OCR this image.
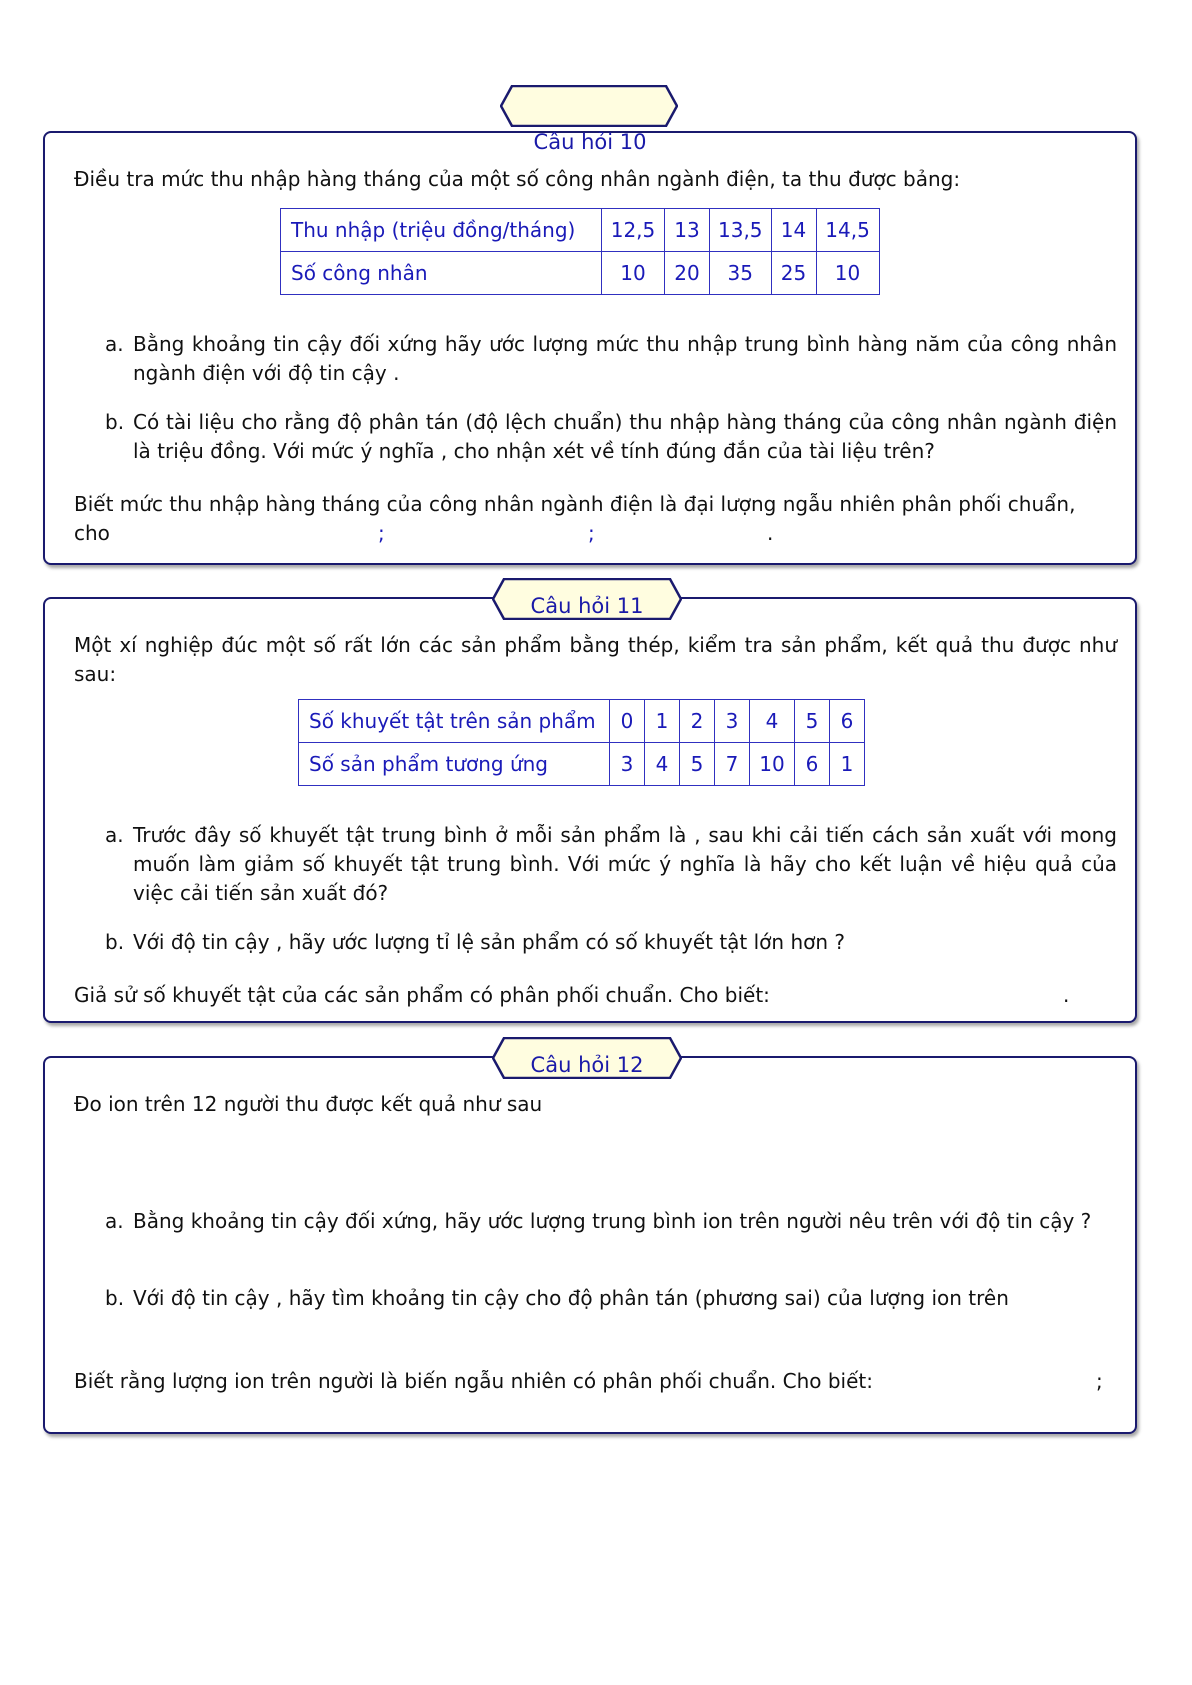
Câu hỏi 10
Điều tra mức thu nhập hàng tháng của một số công nhân ngành điện, ta thu được bảng:
Thu nhập (triệu đồng/tháng)	12,5	13	13,5	14	14,5
Số công nhân	10	20	35	25	10
a. Bằng khoảng tin cậy đối xứng hãy ước lượng mức thu nhập trung bình hàng năm của công nhân ngành điện với độ tin cậy .
b. Có tài liệu cho rằng độ phân tán (độ lệch chuẩn) thu nhập hàng tháng của công nhân ngành điện là triệu đồng. Với mức ý nghĩa , cho nhận xét về tính đúng đắn của tài liệu trên?
Biết mức thu nhập hàng tháng của công nhân ngành điện là đại lượng ngẫu nhiên phân phối chuẩn,
cho	;	;	.
Một xí nghiệp đúc một số rất lớn các sản phẩm bằng thép, kiểm tra sản phẩm, kết quả thu được như sau:
Số khuyết tật trên sản phẩm	0	1	2	3	4	5	6
Số sản phẩm tương ứng	3	4	5	7	10	6	1
a. Trước đây số khuyết tật trung bình ở mỗi sản phẩm là , sau khi cải tiến cách sản xuất với mong muốn làm giảm số khuyết tật trung bình. Với mức ý nghĩa là hãy cho kết luận về hiệu quả của việc cải tiến sản xuất đó?
b. Với độ tin cậy , hãy ước lượng tỉ lệ sản phẩm có số khuyết tật lớn hơn ?
Giả sử số khuyết tật của các sản phẩm có phân phối chuẩn. Cho biết:	.
Câu hỏi 11
Đo ion trên 12 người thu được kết quả như sau
a. Bằng khoảng tin cậy đối xứng, hãy ước lượng trung bình ion trên người nêu trên với độ tin cậy ?
b. Với độ tin cậy , hãy tìm khoảng tin cậy cho độ phân tán (phương sai) của lượng ion trên
Biết rằng lượng ion trên người là biến ngẫu nhiên có phân phối chuẩn. Cho biết:	;
Câu hỏi 12
